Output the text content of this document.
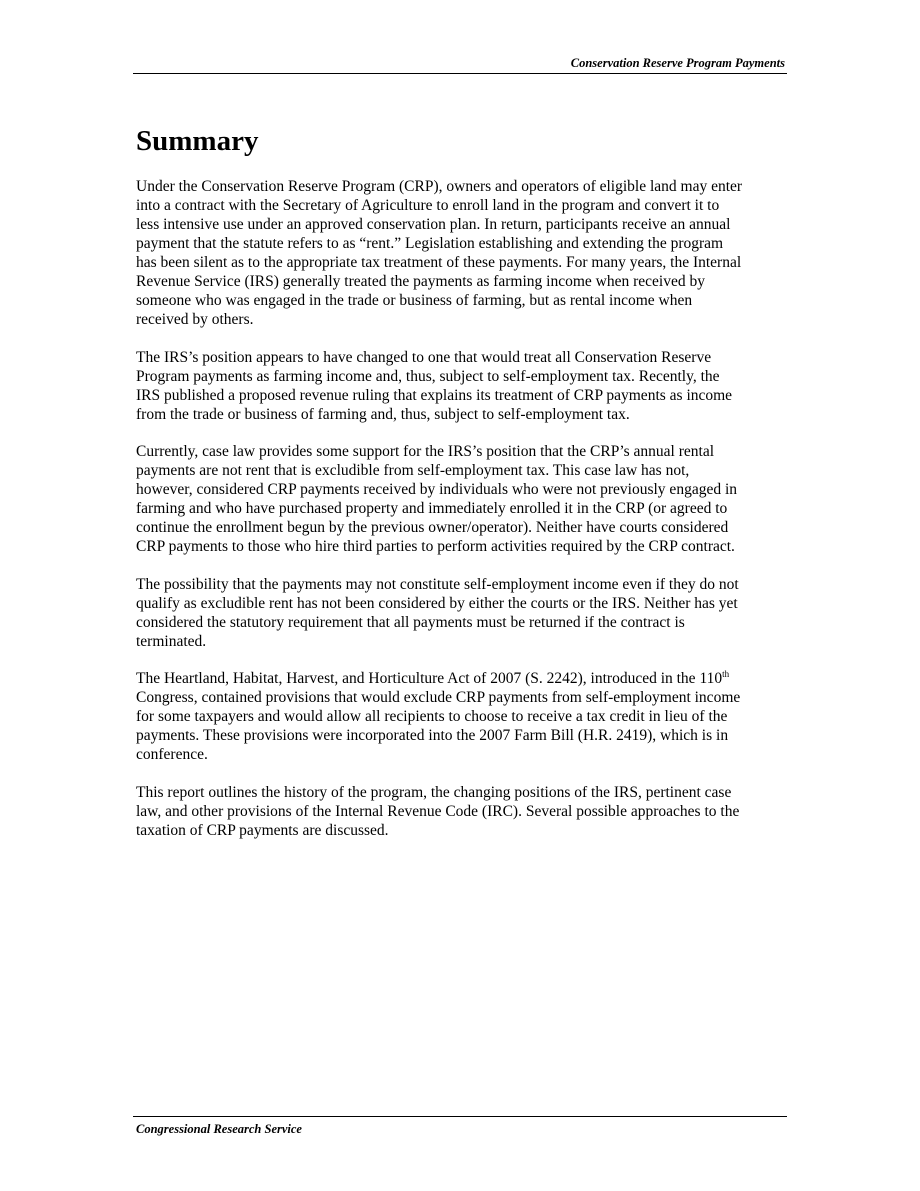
Conservation Reserve Program Payments
Summary

Under the Conservation Reserve Program (CRP), owners and operators of eligible land may enter
into a contract with the Secretary of Agriculture to enroll land in the program and convert it to
less intensive use under an approved conservation plan. In return, participants receive an annual
payment that the statute refers to as “rent.” Legislation establishing and extending the program
has been silent as to the appropriate tax treatment of these payments. For many years, the Internal
Revenue Service (IRS) generally treated the payments as farming income when received by
someone who was engaged in the trade or business of farming, but as rental income when
received by others.

The IRS’s position appears to have changed to one that would treat all Conservation Reserve
Program payments as farming income and, thus, subject to self-employment tax. Recently, the
IRS published a proposed revenue ruling that explains its treatment of CRP payments as income
from the trade or business of farming and, thus, subject to self-employment tax.

Currently, case law provides some support for the IRS’s position that the CRP’s annual rental
payments are not rent that is excludible from self-employment tax. This case law has not,
however, considered CRP payments received by individuals who were not previously engaged in
farming and who have purchased property and immediately enrolled it in the CRP (or agreed to
continue the enrollment begun by the previous owner/operator). Neither have courts considered
CRP payments to those who hire third parties to perform activities required by the CRP contract.

The possibility that the payments may not constitute self-employment income even if they do not
qualify as excludible rent has not been considered by either the courts or the IRS. Neither has yet
considered the statutory requirement that all payments must be returned if the contract is
terminated.

The Heartland, Habitat, Harvest, and Horticulture Act of 2007 (S. 2242), introduced in the 110th
Congress, contained provisions that would exclude CRP payments from self-employment income
for some taxpayers and would allow all recipients to choose to receive a tax credit in lieu of the
payments. These provisions were incorporated into the 2007 Farm Bill (H.R. 2419), which is in
conference.

This report outlines the history of the program, the changing positions of the IRS, pertinent case
law, and other provisions of the Internal Revenue Code (IRC). Several possible approaches to the
taxation of CRP payments are discussed.

Congressional Research Service
